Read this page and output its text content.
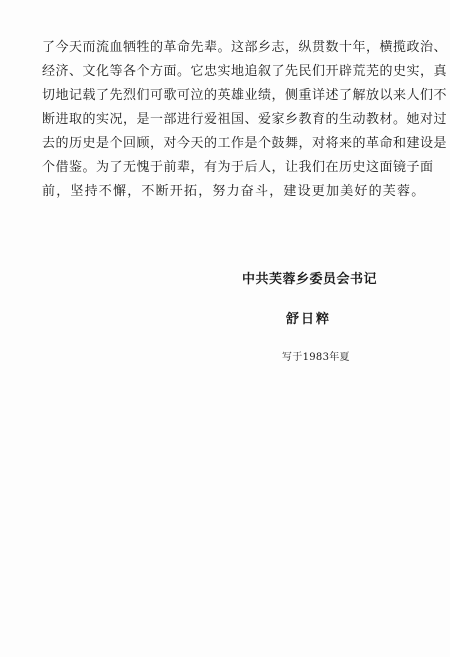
了今天而流血牺牲的革命先辈。这部乡志，纵贯数十年，横揽政治、
经济、文化等各个方面。它忠实地追叙了先民们开辟荒芜的史实，真
切地记载了先烈们可歌可泣的英雄业绩，侧重详述了解放以来人们不
断进取的实况，是一部进行爱祖国、爱家乡教育的生动教材。她对过
去的历史是个回顾，对今天的工作是个鼓舞，对将来的革命和建设是
个借鉴。为了无愧于前辈，有为于后人，让我们在历史这面镜子面
前，坚持不懈，不断开拓，努力奋斗，建设更加美好的芙蓉。
中共芙蓉乡委员会书记
舒日粹
写于1983年夏
